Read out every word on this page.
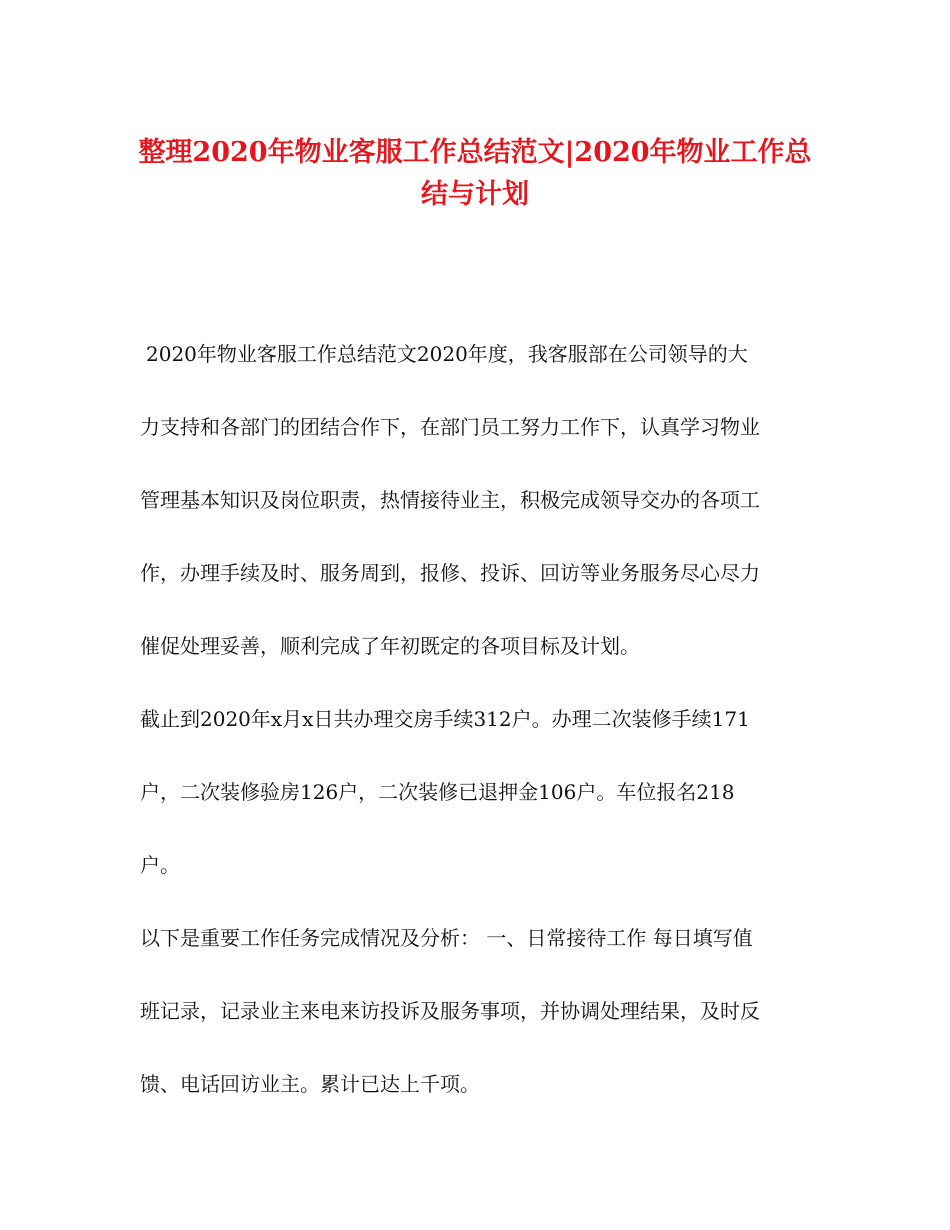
整理2020年物业客服工作总结范文|2020年物业工作总
结与计划
2020年物业客服工作总结范文2020年度，我客服部在公司领导的大
力支持和各部门的团结合作下，在部门员工努力工作下，认真学习物业
管理基本知识及岗位职责，热情接待业主，积极完成领导交办的各项工
作，办理手续及时、服务周到，报修、投诉、回访等业务服务尽心尽力
催促处理妥善，顺利完成了年初既定的各项目标及计划。
截止到2020年x月x日共办理交房手续312户。办理二次装修手续171
户，二次装修验房126户，二次装修已退押金106户。车位报名218
户。
以下是重要工作任务完成情况及分析： 一、日常接待工作 每日填写值
班记录，记录业主来电来访投诉及服务事项，并协调处理结果，及时反
馈、电话回访业主。累计已达上千项。
